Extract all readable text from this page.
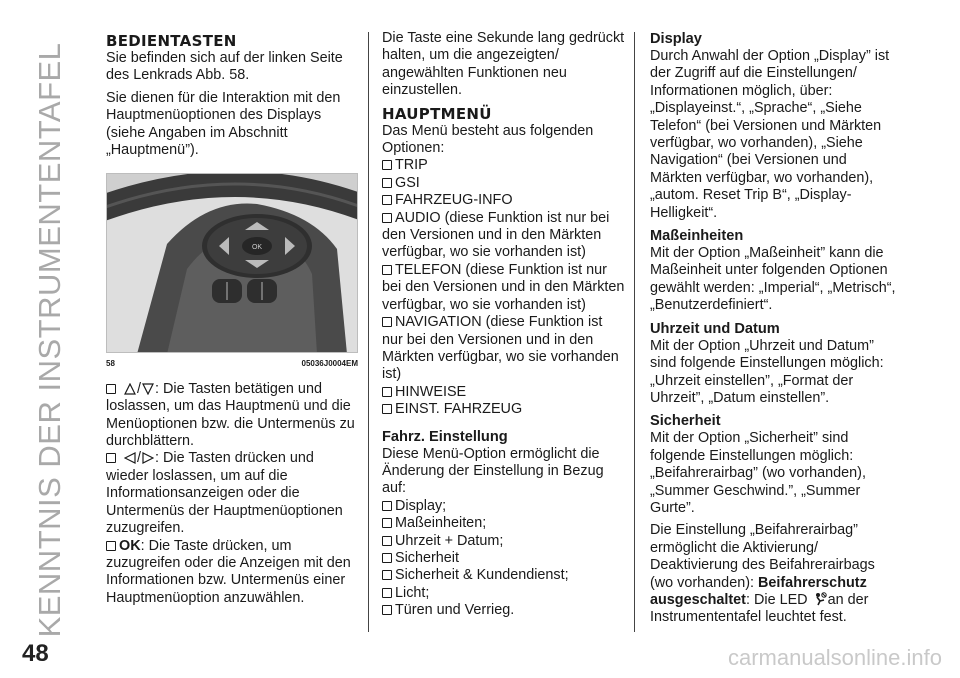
KENNTNIS DER INSTRUMENTENTAFEL
BEDIENTASTEN

Sie befinden sich auf der linken Seite des Lenkrads Abb. 58.

Sie dienen für die Interaktion mit den Hauptmenüoptionen des Displays (siehe Angaben im Abschnitt „Hauptmenü”).

OK
58	05036J0004EM

/ : Die Tasten betätigen und loslassen, um das Hauptmenü und die Menüoptionen bzw. die Untermenüs zu durchblättern.

/ : Die Tasten drücken und wieder loslassen, um auf die Informationsanzeigen oder die Untermenüs der Hauptmenüoptionen zuzugreifen.
OK: Die Taste drücken, um zuzugreifen oder die Anzeigen mit den Informationen bzw. Untermenüs einer Hauptmenüoption anzuwählen.

Die Taste eine Sekunde lang gedrückt halten, um die angezeigten/ angewählten Funktionen neu einzustellen.

HAUPTMENÜ

Das Menü besteht aus folgenden Optionen:

TRIP
GSI
FAHRZEUG-INFO
AUDIO (diese Funktion ist nur bei den Versionen und in den Märkten verfügbar, wo sie vorhanden ist)
TELEFON (diese Funktion ist nur bei den Versionen und in den Märkten verfügbar, wo sie vorhanden ist)
NAVIGATION (diese Funktion ist nur bei den Versionen und in den Märkten verfügbar, wo sie vorhanden ist)
HINWEISE
EINST. FAHRZEUG
Fahrz. Einstellung

Diese Menü-Option ermöglicht die Änderung der Einstellung in Bezug auf:

Display;
Maßeinheiten;
Uhrzeit + Datum;
Sicherheit
Sicherheit & Kundendienst;
Licht;
Türen und Verrieg.
Display

Durch Anwahl der Option „Display” ist der Zugriff auf die Einstellungen/ Informationen möglich, über: „Displayeinst.“, „Sprache“, „Siehe Telefon“ (bei Versionen und Märkten verfügbar, wo vorhanden), „Siehe Navigation“ (bei Versionen und Märkten verfügbar, wo vorhanden), „autom. Reset Trip B“, „Display-Helligkeit“.

Maßeinheiten

Mit der Option „Maßeinheit” kann die Maßeinheit unter folgenden Optionen gewählt werden: „Imperial“, „Metrisch“, „Benutzerdefiniert“.

Uhrzeit und Datum

Mit der Option „Uhrzeit und Datum” sind folgende Einstellungen möglich: „Uhrzeit einstellen”, „Format der Uhrzeit”, „Datum einstellen”.

Sicherheit

Mit der Option „Sicherheit” sind folgende Einstellungen möglich: „Beifahrerairbag” (wo vorhanden), „Summer Geschwind.”, „Summer Gurte”.

Die Einstellung „Beifahrerairbag” ermöglicht die Aktivierung/ Deaktivierung des Beifahrerairbags (wo vorhanden): Beifahrerschutz ausgeschaltet: Die LED an der Instrumententafel leuchtet fest.

48	carmanualsonline.info
